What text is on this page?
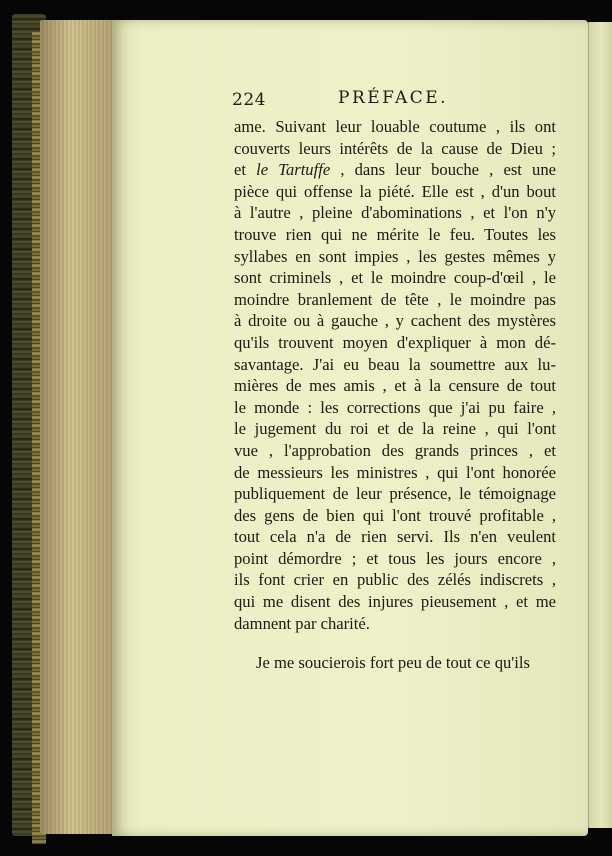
224	PRÉFACE.
ame. Suivant leur louable coutume , ils ont
couverts leurs intérêts de la cause de Dieu ;
et le Tartuffe , dans leur bouche , est une
pièce qui offense la piété. Elle est , d'un bout
à l'autre , pleine d'abominations , et l'on n'y
trouve rien qui ne mérite le feu. Toutes les
syllabes en sont impies , les gestes mêmes y
sont criminels , et le moindre coup-d'œil , le
moindre branlement de tête , le moindre pas
à droite ou à gauche , y cachent des mystères
qu'ils trouvent moyen d'expliquer à mon dé-
savantage. J'ai eu beau la soumettre aux lu-
mières de mes amis , et à la censure de tout
le monde : les corrections que j'ai pu faire ,
le jugement du roi et de la reine , qui l'ont
vue , l'approbation des grands princes , et
de messieurs les ministres , qui l'ont honorée
publiquement de leur présence, le témoignage
des gens de bien qui l'ont trouvé profitable ,
tout cela n'a de rien servi. Ils n'en veulent
point démordre ; et tous les jours encore ,
ils font crier en public des zélés indiscrets ,
qui me disent des injures pieusement , et me
damnent par charité.
Je me soucierois fort peu de tout ce qu'ils
